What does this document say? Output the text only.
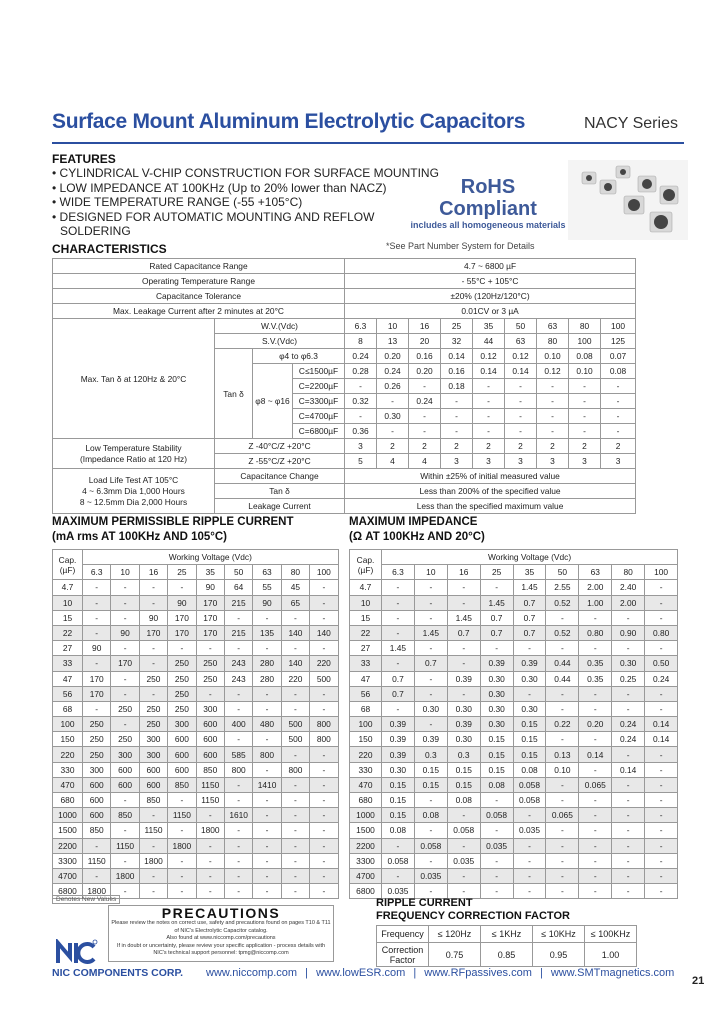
Surface Mount Aluminum Electrolytic Capacitors	NACY Series
FEATURES
• CYLINDRICAL V-CHIP CONSTRUCTION FOR SURFACE MOUNTING
• LOW IMPEDANCE AT 100KHz (Up to 20% lower than NACZ)
• WIDE TEMPERATURE RANGE (-55 +105°C)
• DESIGNED FOR AUTOMATIC MOUNTING AND REFLOW
SOLDERING
RoHS
Compliant
includes all homogeneous materials
*See Part Number System for Details
CHARACTERISTICS
Rated Capacitance Range				4.7 ~ 6800 µF								
Operating Temperature Range				- 55°C + 105°C								
Capacitance Tolerance				±20% (120Hz/120°C)								
Max. Leakage Current after 2 minutes at 20°C				0.01CV or 3 µA								
Max. Tan δ at 120Hz & 20°C	W.V.(Vdc)			6.3	10	16	25	35	50	63	80	100
	S.V.(Vdc)			8	13	20	32	44	63	80	100	125
	Tan δ	φ4 to φ6.3		0.24	0.20	0.16	0.14	0.12	0.12	0.10	0.08	0.07
		φ8 ~ φ16	C≤1500µF	0.28	0.24	0.20	0.16	0.14	0.14	0.12	0.10	0.08
			C=2200µF	-	0.26	-	0.18	-	-	-	-	-
			C=3300µF	0.32	-	0.24	-	-	-	-	-	-
			C=4700µF	-	0.30	-	-	-	-	-	-	-
			C=6800µF	0.36	-	-	-	-	-	-	-	-

Low Temperature Stability
(Impedance Ratio at 120 Hz)	Z -40°C/Z +20°C			3	2	2	2	2	2	2	2	2
	Z -55°C/Z +20°C			5	4	4	3	3	3	3	3	3

Load Life Test AT 105°C
4 ~ 6.3mm Dia 1,000 Hours
8 ~ 12.5mm Dia 2,000 Hours	Capacitance Change			Within ±25% of initial measured value								
	Tan δ			Less than 200% of the specified value								
	Leakage Current			Less than the specified maximum value								
MAXIMUM PERMISSIBLE RIPPLE CURRENT
(mA rms AT 100KHz AND 105°C)
MAXIMUM IMPEDANCE
(Ω AT 100KHz AND 20°C)
Cap.
(µF)	Working Voltage (Vdc)								
	6.3	10	16	25	35	50	63	80	100
4.7	-	-	-	-	90	64	55	45	-
10	-	-	-	90	170	215	90	65	-
15	-	-	90	170	170	-	-	-	-
22	-	90	170	170	170	215	135	140	140
27	90	-	-	-	-	-	-	-	-
33	-	170	-	250	250	243	280	140	220
47	170	-	250	250	250	243	280	220	500
56	170	-	-	250	-	-	-	-	-
68	-	250	250	250	300	-	-	-	-
100	250	-	250	300	600	400	480	500	800
150	250	250	300	600	600	-	-	500	800
220	250	300	300	600	600	585	800	-	-
330	300	600	600	600	850	800	-	800	-
470	600	600	600	850	1150	-	1410	-	-
680	600	-	850	-	1150	-	-	-	-
1000	600	850	-	1150	-	1610	-	-	-
1500	850	-	1150	-	1800	-	-	-	-
2200	-	1150	-	1800	-	-	-	-	-
3300	1150	-	1800	-	-	-	-	-	-
4700	-	1800	-	-	-	-	-	-	-
6800	1800	-	-	-	-	-	-	-	-
Cap.
(µF)	Working Voltage (Vdc)								
	6.3	10	16	25	35	50	63	80	100
4.7	-	-	-	-	1.45	2.55	2.00	2.40	-
10	-	-	-	1.45	0.7	0.52	1.00	2.00	-
15	-	-	1.45	0.7	0.7	-	-	-	-
22	-	1.45	0.7	0.7	0.7	0.52	0.80	0.90	0.80
27	1.45	-	-	-	-	-	-	-	-
33	-	0.7	-	0.39	0.39	0.44	0.35	0.30	0.50
47	0.7	-	0.39	0.30	0.30	0.44	0.35	0.25	0.24
56	0.7	-	-	0.30	-	-	-	-	-
68	-	0.30	0.30	0.30	0.30	-	-	-	-
100	0.39	-	0.39	0.30	0.15	0.22	0.20	0.24	0.14
150	0.39	0.39	0.30	0.15	0.15	-	-	0.24	0.14
220	0.39	0.3	0.3	0.15	0.15	0.13	0.14	-	-
330	0.30	0.15	0.15	0.15	0.08	0.10	-	0.14	-
470	0.15	0.15	0.15	0.08	0.058	-	0.065	-	-
680	0.15	-	0.08	-	0.058	-	-	-	-
1000	0.15	0.08	-	0.058	-	0.065	-	-	-
1500	0.08	-	0.058	-	0.035	-	-	-	-
2200	-	0.058	-	0.035	-	-	-	-	-
3300	0.058	-	0.035	-	-	-	-	-	-
4700	-	0.035	-	-	-	-	-	-	-
6800	0.035	-	-	-	-	-	-	-	-
Denotes New Values
PRECAUTIONS
Please review the notes on correct use, safety and precautions found on pages T10 & T11
of NIC's Electrolytic Capacitor catalog.
Also found at www.niccomp.com/precautions
If in doubt or uncertainty, please review your specific application - process details with
NIC's technical support personnel: tpmg@niccomp.com
RIPPLE CURRENT
FREQUENCY CORRECTION FACTOR
Frequency	≤ 120Hz	≤ 1KHz	≤ 10KHz	≤ 100KHz

Correction
Factor	0.75	0.85	0.95	1.00
NIC COMPONENTS CORP. www.niccomp.com | www.lowESR.com | www.RFpassives.com | www.SMTmagnetics.com
21
